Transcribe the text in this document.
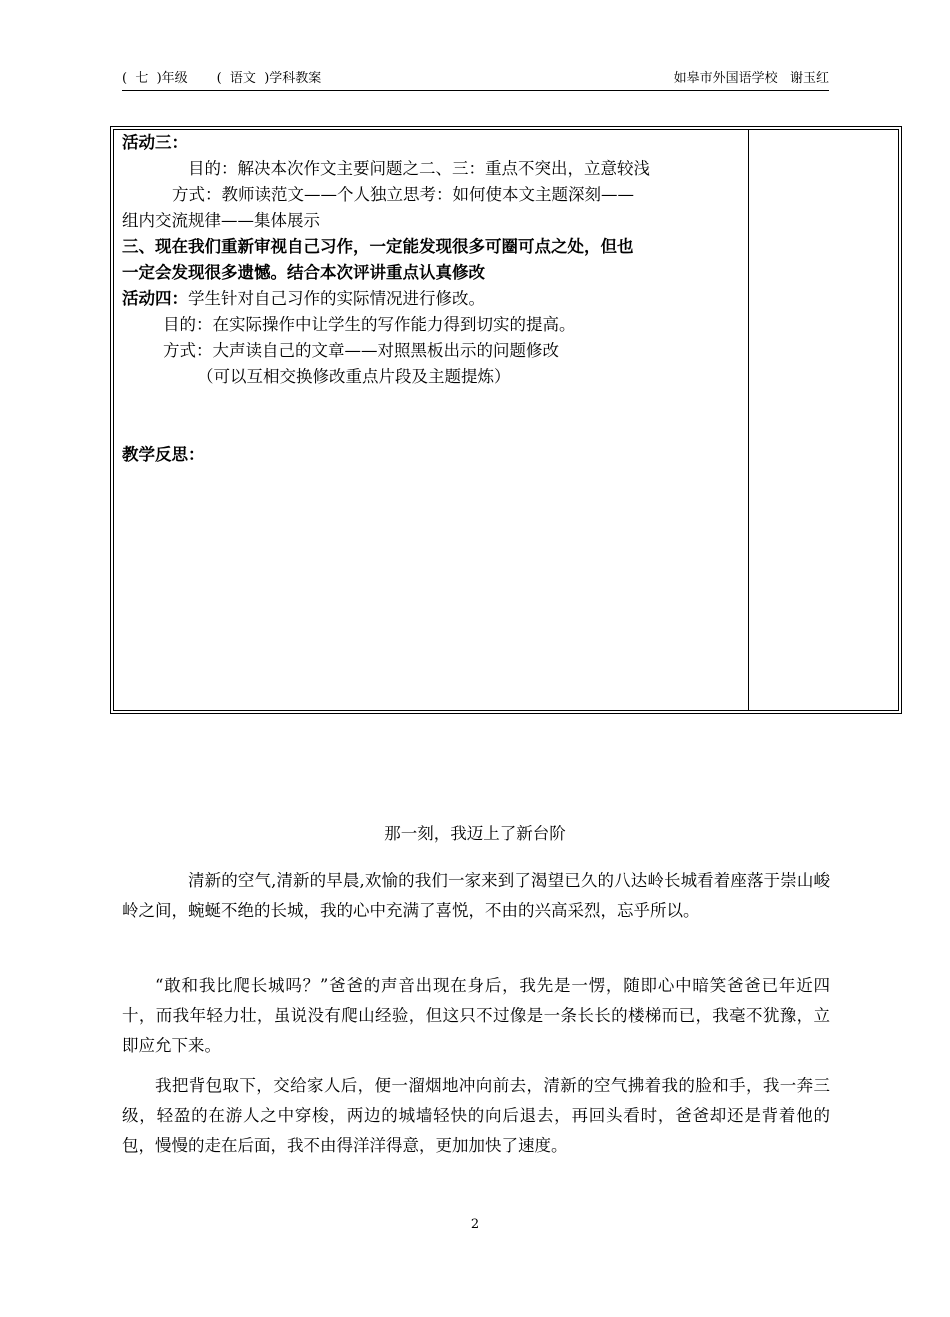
(  七  )年级       (  语文  )学科教案	如皋市外国语学校   谢玉红

活动三：

目的：解决本次作文主要问题之二、三：重点不突出，立意较浅

方式：教师读范文——个人独立思考：如何使本文主题深刻——

组内交流规律——集体展示

三、现在我们重新审视自己习作，一定能发现很多可圈可点之处，但也

一定会发现很多遗憾。结合本次评讲重点认真修改

活动四：学生针对自己习作的实际情况进行修改。

目的：在实际操作中让学生的写作能力得到切实的提高。

方式：大声读自己的文章——对照黑板出示的问题修改

（可以互相交换修改重点片段及主题提炼）

教学反思：

那一刻，我迈上了新台阶

清新的空气,清新的早晨,欢愉的我们一家来到了渴望已久的八达岭长城看着座落于崇山峻岭之间，蜿蜒不绝的长城，我的心中充满了喜悦，不由的兴高采烈，忘乎所以。

“敢和我比爬长城吗？”爸爸的声音出现在身后，我先是一愣，随即心中暗笑爸爸已年近四十，而我年轻力壮，虽说没有爬山经验，但这只不过像是一条长长的楼梯而已，我毫不犹豫，立即应允下来。

我把背包取下，交给家人后，便一溜烟地冲向前去，清新的空气拂着我的脸和手，我一奔三级，轻盈的在游人之中穿梭，两边的城墙轻快的向后退去，再回头看时，爸爸却还是背着他的包，慢慢的走在后面，我不由得洋洋得意，更加加快了速度。

2
